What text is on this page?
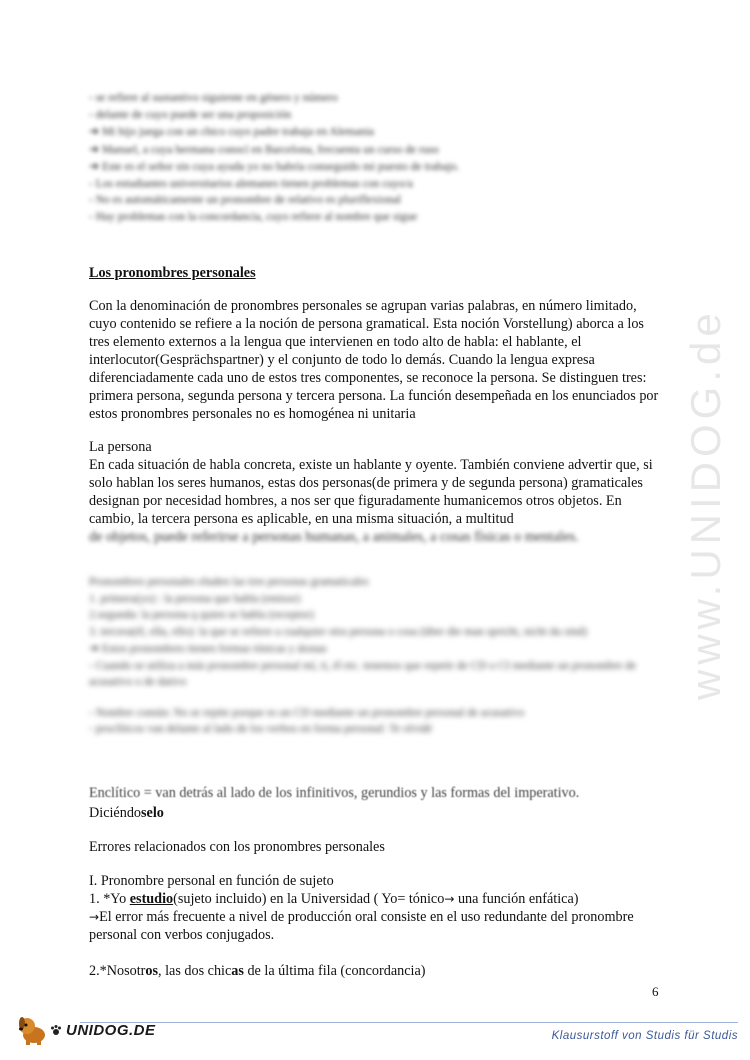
www.UNIDOG.de

- se refiere al sustantivo siguiente en género y número

- delante de cuyo puede ser una proposición

➔ Mi hijo juega con un chico cuyo padre trabaja en Alemania

➔ Manuel, a cuya hermana conocí en Barcelona, frecuenta un curso de ruso

➔ Este es el señor sin cuya ayuda yo no habría conseguido mi puesto de trabajo.

- Los estudiantes universitarios alemanes tienen problemas con cuyo/a

- No es automáticamente un pronombre de relativo es pluriflexional

- Hay problemas con la concordancia, cuyo refiere al nombre que sigue

Los pronombres personales
Con la denominación de pronombres personales se agrupan varias palabras, en número limitado, cuyo contenido se refiere a la noción de persona gramatical. Esta noción Vorstellung) aborca a los tres elemento externos a la lengua que intervienen en todo alto de habla: el hablante, el interlocutor(Gesprächspartner) y el conjunto de todo lo demás. Cuando la lengua expresa diferenciadamente cada uno de estos tres componentes, se reconoce la persona. Se distinguen tres: primera persona, segunda persona y tercera persona. La función desempeñada en los enunciados por estos pronombres personales no es homogénea ni unitaria
La persona
En cada situación de habla concreta, existe un hablante y oyente. También conviene advertir que, si solo hablan los seres humanos, estas dos personas(de primera y de segunda persona) gramaticales designan por necesidad hombres, a nos ser que figuradamente humanicemos otros objetos. En cambio, la tercera persona es aplicable, en una misma situación, a multitud
de objetos, puede referirse a personas humanas, a animales, a cosas físicas o mentales.

Pronombres personales eluden las tres personas gramaticales

1. primera(yo) : la persona que habla (emisor)

2.segunda: la persona q quien se habla (receptor)

3. tercera(él, ella, ello): la que se refiere a cualquier otra persona o cosa (über die man spricht, nicht du sind)

➔ Estos pronombres tienen formas tónicas y átonas

- Cuando se utiliza a más pronombre personal mí, ti, él etc. tenemos que repetir de CD o CI mediante un pronombre de acusativo o de dativo

- Nombre común: No se repite porque es un CD mediante un pronombre personal de acusativo

- proclíticos van delante al lado de los verbos en forma personal: Te olvidé

Enclítico = van detrás al lado de los infinitivos, gerundios y las formas del imperativo.
Diciéndoselo
Errores relacionados con los pronombres personales
I. Pronombre personal en función de sujeto
1. *Yo estudio(sujeto incluido) en la Universidad ( Yo= tónico→ una función enfática)
→El error más frecuente a nivel de producción oral consiste en el uso redundante del pronombre personal con verbos conjugados.
2.*Nosotros, las dos chicas de la última fila (concordancia)
6
UNIDOG.DE	Klausurstoff von Studis für Studis
